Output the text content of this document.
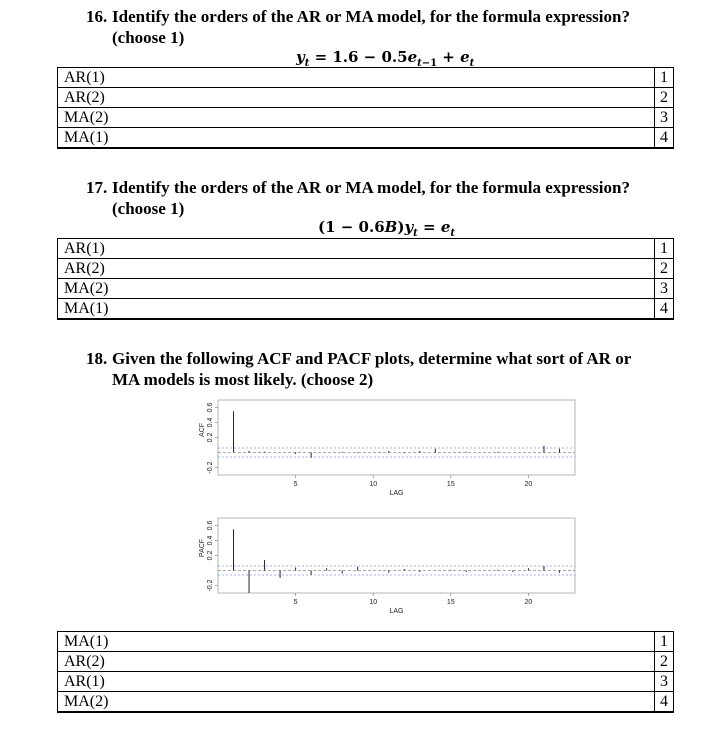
16. Identify the orders of the AR or MA model, for the formula expression?
(choose 1)
$y_t = 1.6 - 0.5e_{t-1} + e_t$
AR(1)	1
AR(2)	2
MA(2)	3
MA(1)	4
17. Identify the orders of the AR or MA model, for the formula expression?
(choose 1)
$(1 - 0.6B)y_t = e_t$
AR(1)	1
AR(2)	2
MA(2)	3
MA(1)	4
18. Given the following ACF and PACF plots, determine what sort of AR or
MA models is most likely. (choose 2)
5	10	15	20
LAG
-0.2
0.2
0.4
0.6
ACF
5	10	15	20
LAG
-0.2
0.2
0.4
0.6
PACF
MA(1)	1
AR(2)	2
AR(1)	3
MA(2)	4
